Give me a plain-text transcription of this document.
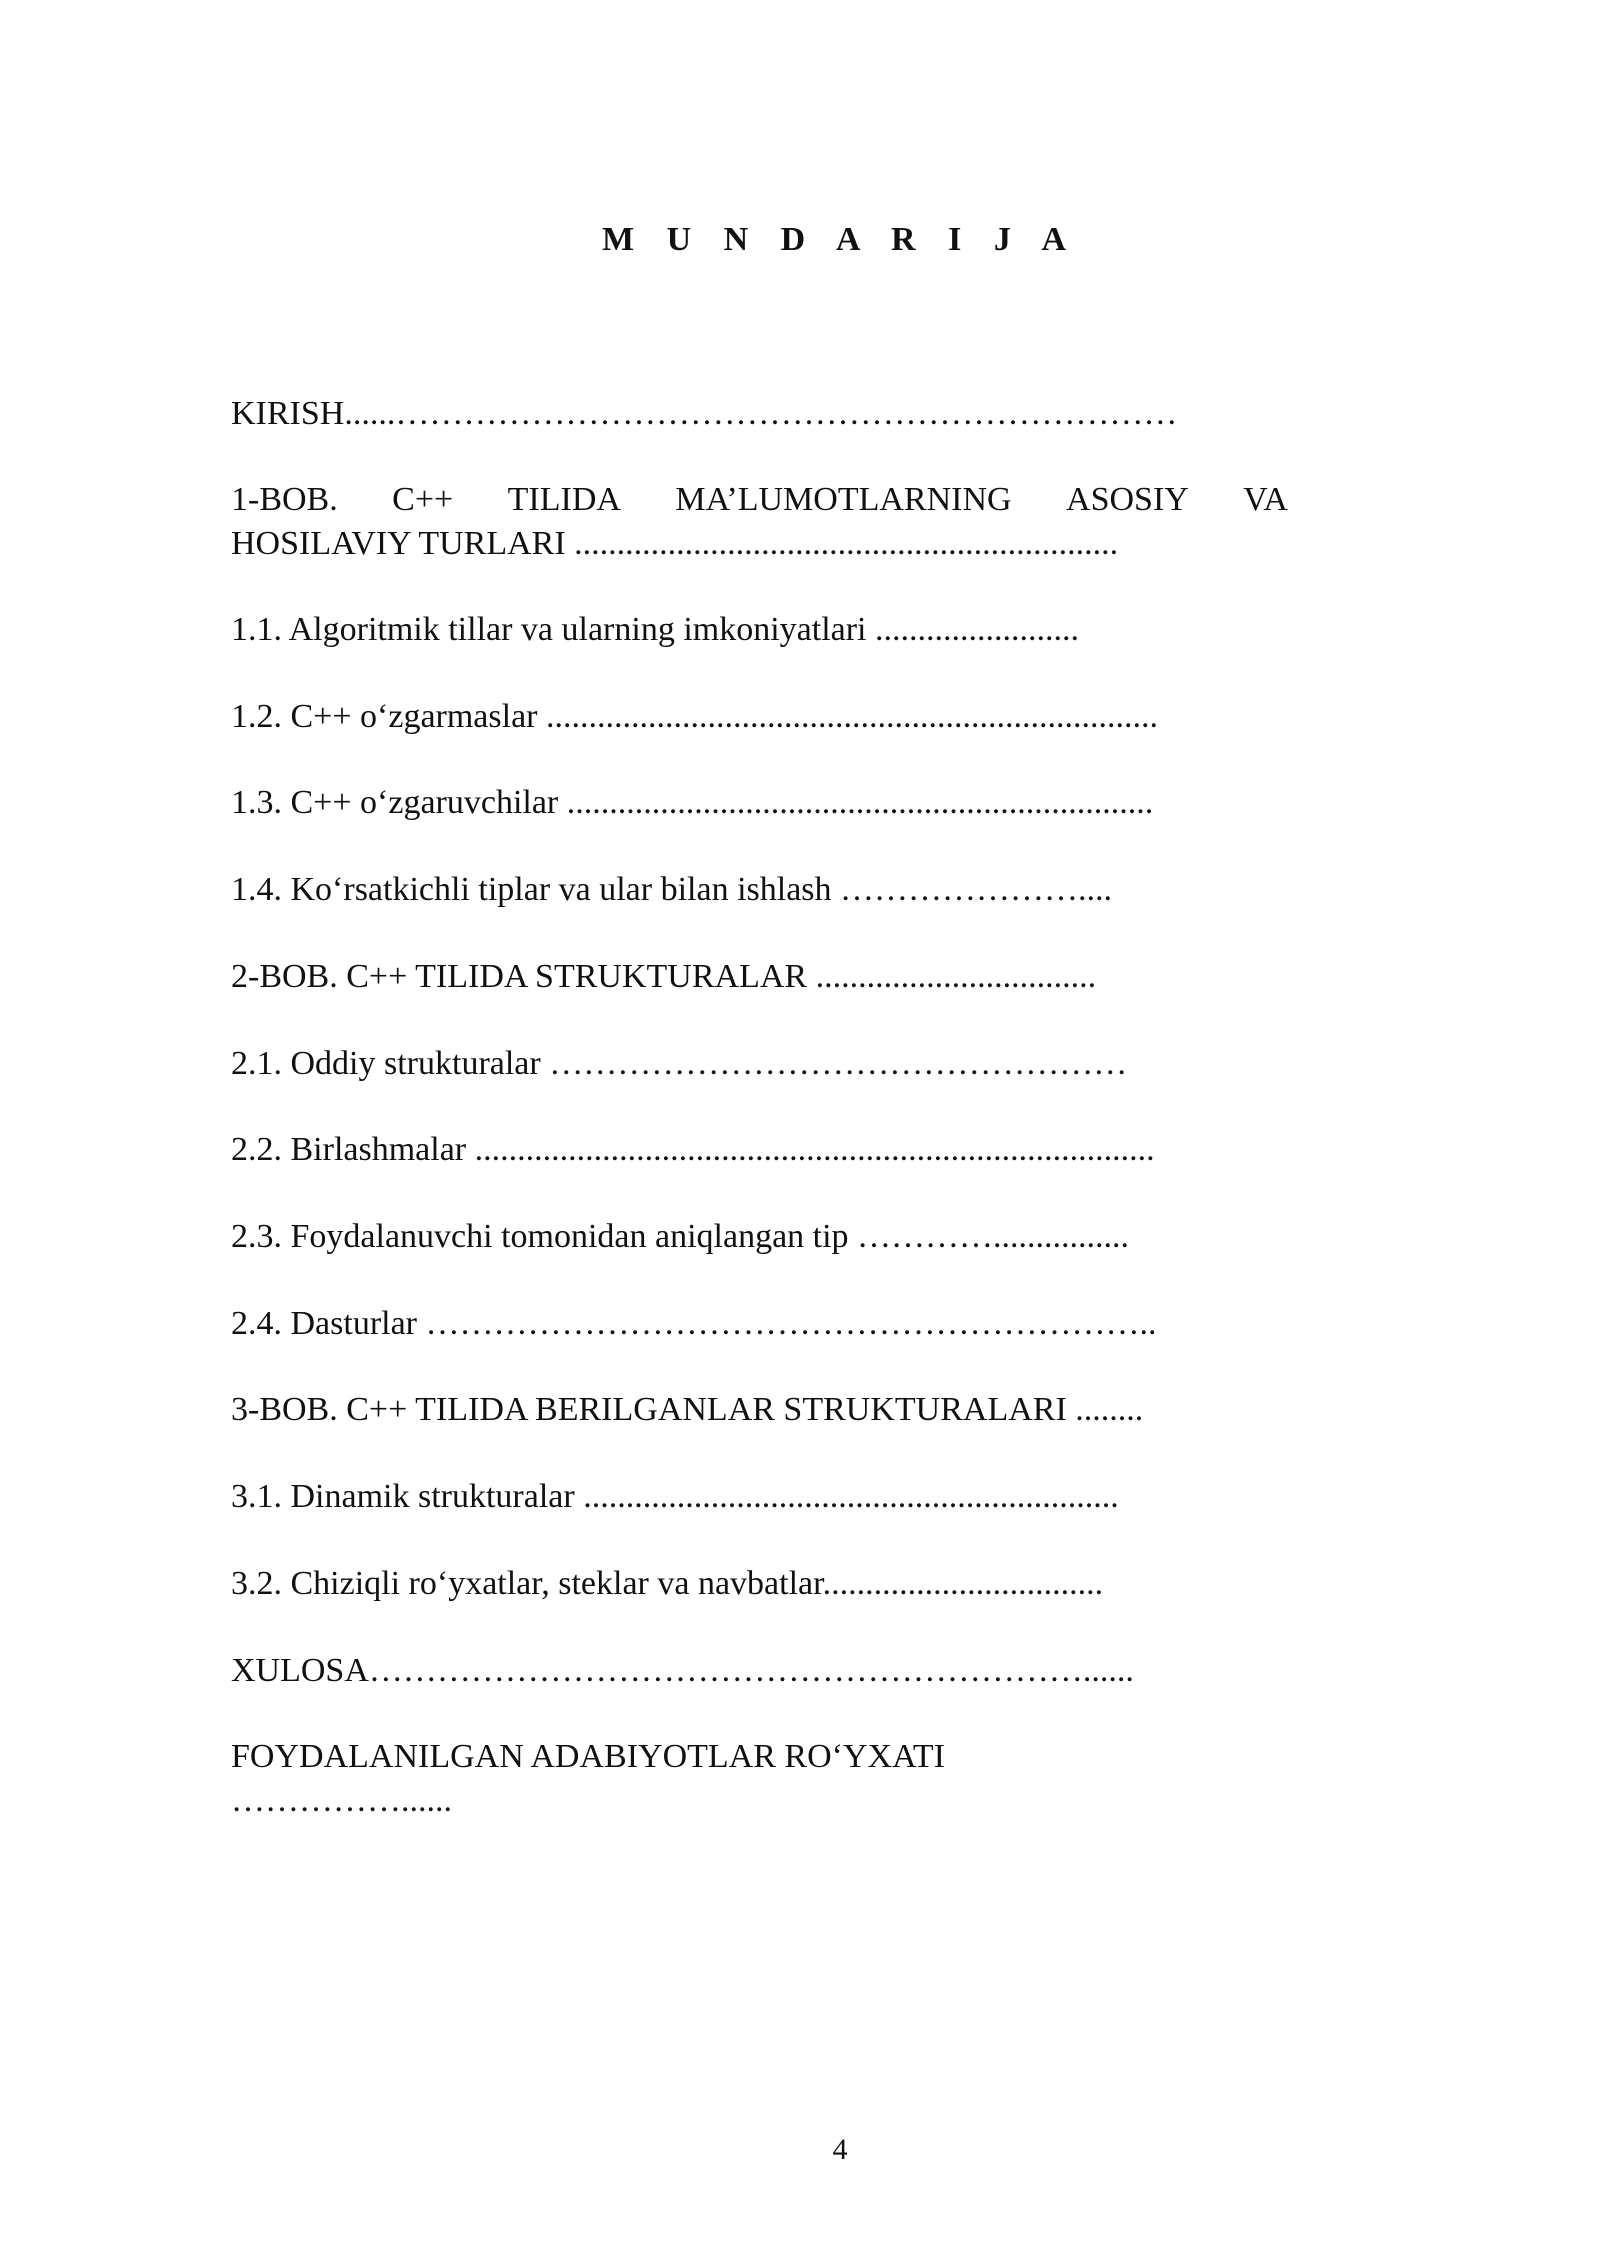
M U N D A R I J A
KIRISH......……………………………………………………………
1-BOB. C++ TILIDA MA’LUMOTLARNING ASOSIY VA
HOSILAVIY TURLARI ................................................................
1.1. Algoritmik tillar va ularning imkoniyatlari ........................
1.2. C++ o‘zgarmaslar ........................................................................
1.3. C++ o‘zgaruvchilar .....................................................................
1.4. Ko‘rsatkichli tiplar va ular bilan ishlash …………………....
2-BOB. C++ TILIDA STRUKTURALAR .................................
2.1. Oddiy strukturalar ……………………………………………
2.2. Birlashmalar ................................................................................
2.3. Foydalanuvchi tomonidan aniqlangan tip …………................
2.4. Dasturlar ………………………………………………………..
3-BOB. C++ TILIDA BERILGANLAR STRUKTURALARI ........
3.1. Dinamik strukturalar ...............................................................
3.2. Chiziqli ro‘yxatlar, steklar va navbatlar.................................
XULOSA………………………………………………………......
FOYDALANILGAN ADABIYOTLAR RO‘YXATI
……………......
4
